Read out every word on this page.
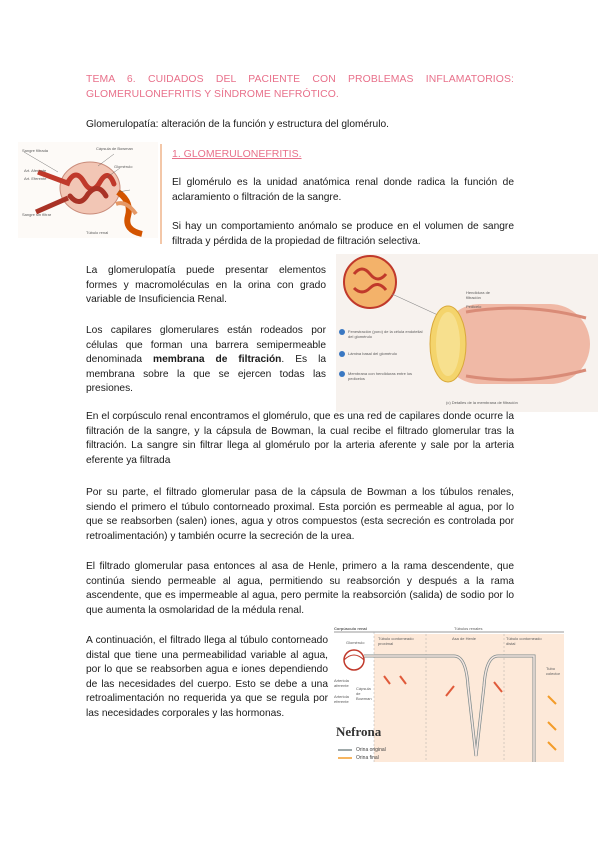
TEMA 6. CUIDADOS DEL PACIENTE CON PROBLEMAS INFLAMATORIOS: GLOMERULONEFRITIS Y SÍNDROME NEFRÓTICO.

Glomerulopatía: alteración de la función y estructura del glomérulo.

Sangre filtrada	Cápsula de Bowman
Art. Aferente
Art. Eferente
Glomérulo
Túbulo renal
Sangre sin filtrar

1. GLOMERULONEFRITIS.

El glomérulo es la unidad anatómica renal donde radica la función de aclaramiento o filtración de la sangre.

Si hay un comportamiento anómalo se produce en el volumen de sangre filtrada y pérdida de la propiedad de filtración selectiva.

La glomerulopatía puede presentar elementos formes y macromoléculas en la orina con grado variable de Insuficiencia Renal.

Los capilares glomerulares están rodeados por células que forman una barrera semipermeable denominada membrana de filtración. Es la membrana sobre la que se ejercen todas las presiones.

Hendidura de filtración
Pedicelo
Fenestración (poro) de la célula endotelial del glomérulo
Lámina basal del glomérulo
Membrana con hendiduras entre los pedicelos
(c) Detalles de la membrana de filtración

En el corpúsculo renal encontramos el glomérulo, que es una red de capilares donde ocurre la filtración de la sangre, y la cápsula de Bowman, la cual recibe el filtrado glomerular tras la filtración. La sangre sin filtrar llega al glomérulo por la arteria aferente y sale por la arteria eferente ya filtrada

Por su parte, el filtrado glomerular pasa de la cápsula de Bowman a los túbulos renales, siendo el primero el túbulo contorneado proximal. Esta porción es permeable al agua, por lo que se reabsorben (salen) iones, agua y otros compuestos (esta secreción es controlada por retroalimentación) y también ocurre la secreción de la urea.

El filtrado glomerular pasa entonces al asa de Henle, primero a la rama descendente, que continúa siendo permeable al agua, permitiendo su reabsorción y después a la rama ascendente, que es impermeable al agua, pero permite la reabsorción (salida) de sodio por lo que aumenta la osmolaridad de la médula renal.

A continuación, el filtrado llega al túbulo contorneado distal que tiene una permeabilidad variable al agua, por lo que se reabsorben agua e iones dependiendo de las necesidades del cuerpo. Esto se debe a una retroalimentación no requerida ya que se regula por las necesidades corporales y las hormonas.

Corpúsculo renal	Túbulos renales
Túbulo contorneado proximal
Asa de Henle	Túbulo contorneado distal
Tubo colector
Glomérulo
Arteriola aferente
Arteriola eferente
Cápsula de Bowman
Nefrona
Orina original
Orina final
